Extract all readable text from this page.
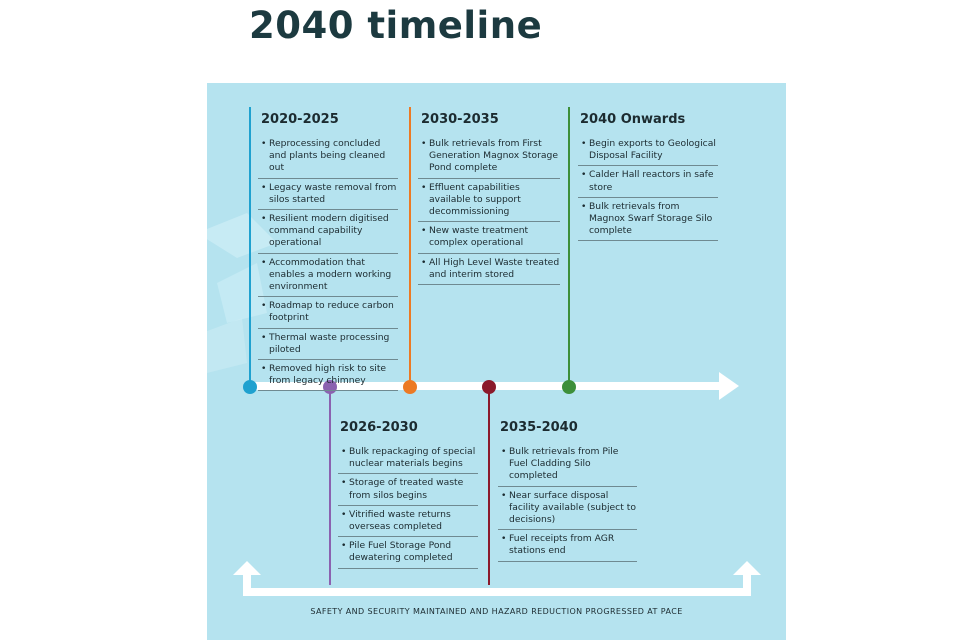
2040 timeline
2020-2025
• Reprocessing concluded and plants being cleaned out
• Legacy waste removal from silos started
• Resilient modern digitised command capability operational
• Accommodation that enables a modern working environment
• Roadmap to reduce carbon footprint
• Thermal waste processing piloted
• Removed high risk to site from legacy chimney
2030-2035
• Bulk retrievals from First Generation Magnox Storage Pond complete
• Effluent capabilities available to support decommissioning
• New waste treatment complex operational
• All High Level Waste treated and interim stored
2040 Onwards
• Begin exports to Geological Disposal Facility
• Calder Hall reactors in safe store
• Bulk retrievals from Magnox Swarf Storage Silo complete
2026-2030
• Bulk repackaging of special nuclear materials begins
• Storage of treated waste from silos begins
• Vitrified waste returns overseas completed
• Pile Fuel Storage Pond dewatering completed
2035-2040
• Bulk retrievals from Pile Fuel Cladding Silo completed
• Near surface disposal facility available (subject to decisions)
• Fuel receipts from AGR stations end
SAFETY AND SECURITY MAINTAINED AND HAZARD REDUCTION PROGRESSED AT PACE
